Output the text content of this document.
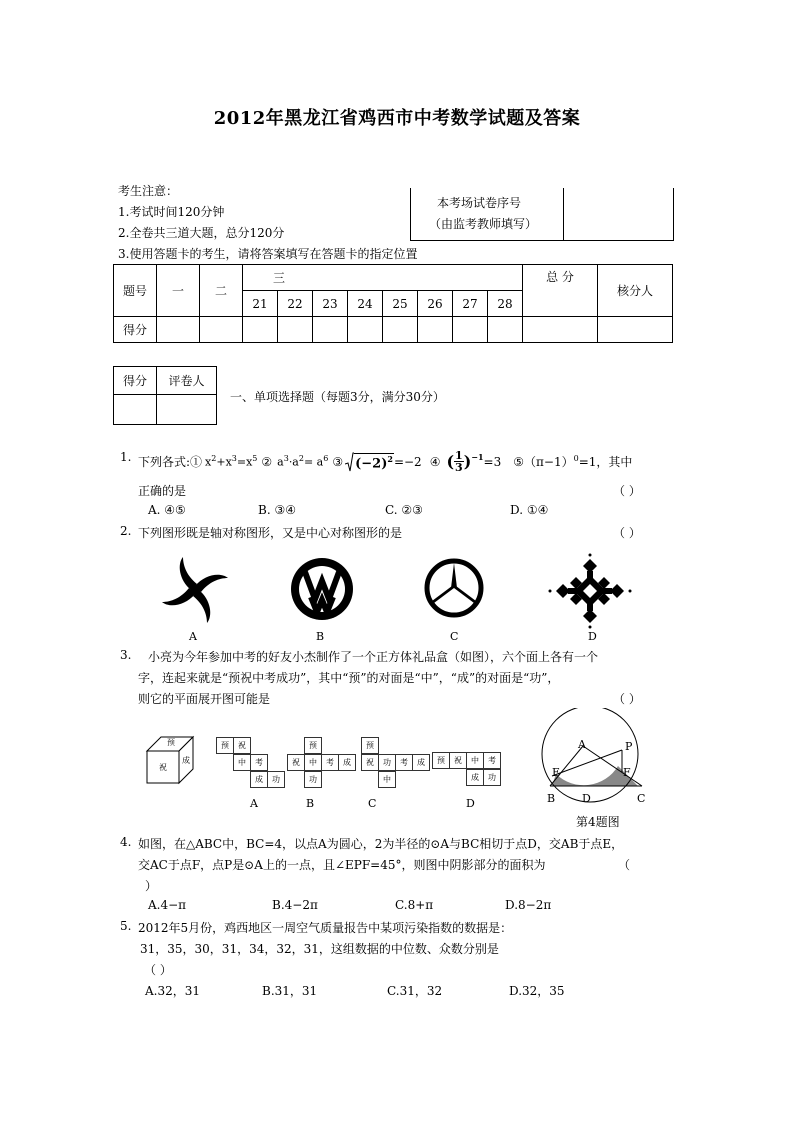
2012年黑龙江省鸡西市中考数学试题及答案
考生注意：
1.考试时间120分钟
2.全卷共三道大题，总分120分
3.使用答题卡的考生，请将答案填写在答题卡的指定位置
本考场试卷序号
（由监考教师填写）
题号	一	二	三								总 分	核分人
			21	22	23	24	25	26	27	28		
得分												
得分	评卷人

一、单项选择题（每题3分，满分30分）
1. 下列各式:① $x^2+x^3=x^5$ ② $a^3\cdot a^2= a^6$ ③ $(-2)^2 =-2$ ④ ( 1
3 )$^{-1}$ =3 $⑤(\pi-1)^0=1$，其中
正确的是	（ ）
A. ④⑤	B. ③④	C. ②③	D. ①④
2. 下列图形既是轴对称图形，又是中心对称图形的是	（ ）
A	B	C	D
3. 小亮为今年参加中考的好友小杰制作了一个正方体礼品盒（如图），六个面上各有一个
字，连起来就是“预祝中考成功”，其中“预”的对面是“中”，“成”的对面是“功”，
则它的平面展开图可能是	（ ）
预
祝
成
预	祝
中	考
成	功
预
祝	中	考	成
功
预
祝	功	考	成
中
预	祝	中	考
成	功
A	B	C	D
A	P
E	F
B D	C
第4题图
4. 如图，在△ABC中，BC=4，以点A为圆心，2为半径的⊙A与BC相切于点D，交AB于点E，
交AC于点F，点P是⊙A上的一点，且∠EPF=45°，则图中阴影部分的面积为	（
）
A.4−π	B.4−2π	C.8+π	D.8−2π
5. 2012年5月份，鸡西地区一周空气质量报告中某项污染指数的数据是：
31，35，30，31，34，32，31，这组数据的中位数、众数分别是
（ ）
A.32，31	B.31，31	C.31，32	D.32，35
